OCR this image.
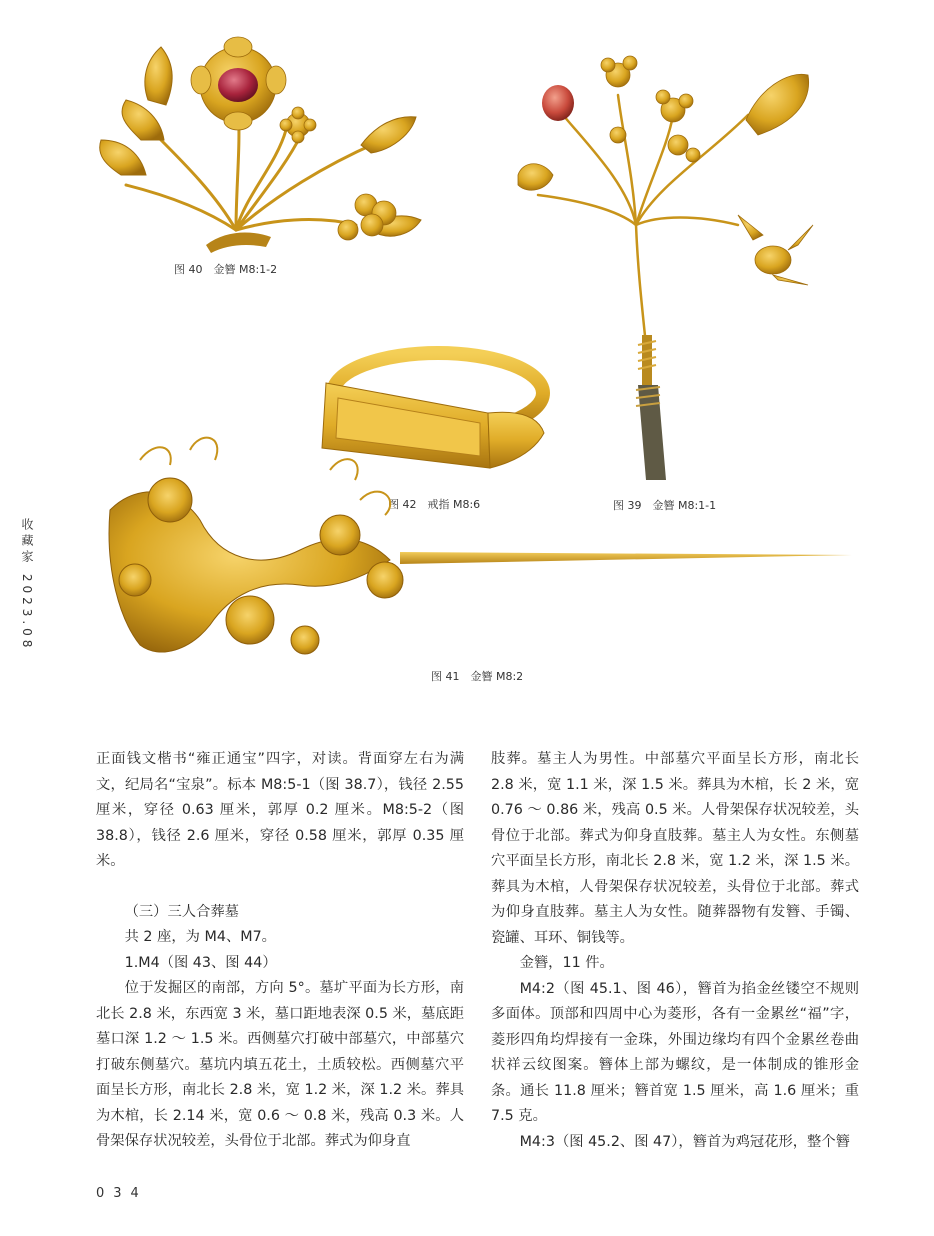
图 40　金簪 M8:1-2
图 39　金簪 M8:1-1
图 42　戒指 M8:6
图 41　金簪 M8:2
收藏家 2023.08

正面钱文楷书“雍正通宝”四字，对读。背面穿左右为满文，纪局名“宝泉”。标本 M8:5-1（图 38.7），钱径 2.55 厘米，穿径 0.63 厘米，郭厚 0.2 厘米。M8:5-2（图 38.8），钱径 2.6 厘米，穿径 0.58 厘米，郭厚 0.35 厘米。

（三）三人合葬墓

共 2 座，为 M4、M7。

1.M4（图 43、图 44）

位于发掘区的南部，方向 5°。墓圹平面为长方形，南北长 2.8 米，东西宽 3 米，墓口距地表深 0.5 米，墓底距墓口深 1.2 ～ 1.5 米。西侧墓穴打破中部墓穴，中部墓穴打破东侧墓穴。墓坑内填五花土，土质较松。西侧墓穴平面呈长方形，南北长 2.8 米，宽 1.2 米，深 1.2 米。葬具为木棺，长 2.14 米，宽 0.6 ～ 0.8 米，残高 0.3 米。人骨架保存状况较差，头骨位于北部。葬式为仰身直

肢葬。墓主人为男性。中部墓穴平面呈长方形，南北长 2.8 米，宽 1.1 米，深 1.5 米。葬具为木棺，长 2 米，宽 0.76 ～ 0.86 米，残高 0.5 米。人骨架保存状况较差，头骨位于北部。葬式为仰身直肢葬。墓主人为女性。东侧墓穴平面呈长方形，南北长 2.8 米，宽 1.2 米，深 1.5 米。葬具为木棺，人骨架保存状况较差，头骨位于北部。葬式为仰身直肢葬。墓主人为女性。随葬器物有发簪、手镯、瓷罐、耳环、铜钱等。

金簪，11 件。

M4:2（图 45.1、图 46），簪首为掐金丝镂空不规则多面体。顶部和四周中心为菱形，各有一金累丝“福”字，菱形四角均焊接有一金珠，外围边缘均有四个金累丝卷曲状祥云纹图案。簪体上部为螺纹，是一体制成的锥形金条。通长 11.8 厘米；簪首宽 1.5 厘米，高 1.6 厘米；重 7.5 克。

M4:3（图 45.2、图 47），簪首为鸡冠花形，整个簪

034
